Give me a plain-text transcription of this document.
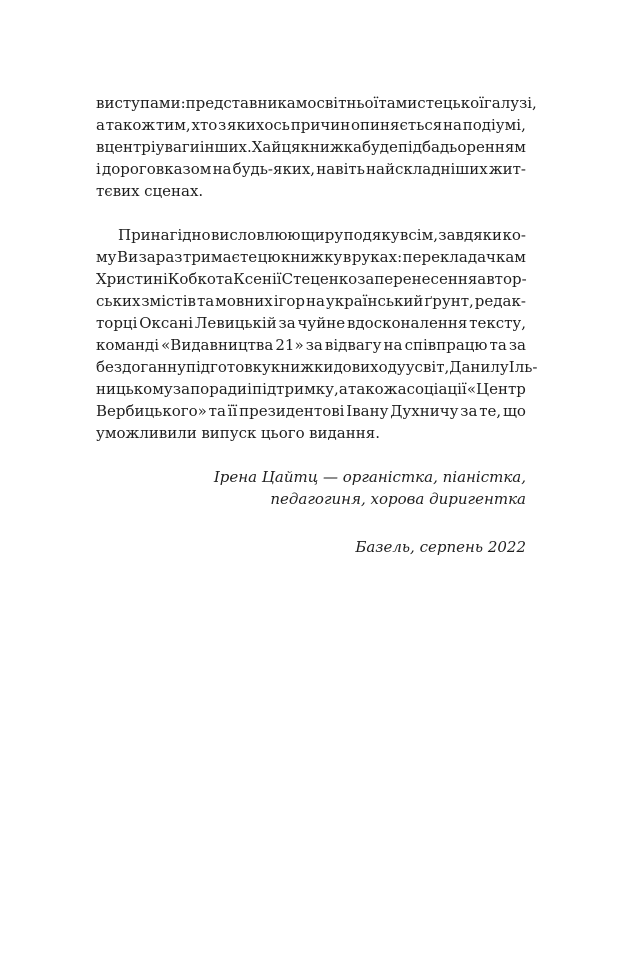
виступами: представникам освітньої та мистецької галузі,
а також тим, хто з якихось причин опиняється на подіумі,
в центрі уваги інших. Хай ця книжка буде підбадьоренням
і дороговказом на будь-яких, навіть найскладніших жит-
тєвих сценах.
Принагідно висловлюю щиру подяку всім, завдяки ко-
му Ви зараз тримаєте цю книжку в руках: перекладачкам
Христині Кобко та Ксенії Стеценко за перенесення автор-
ських змістів та мовних ігор на український ґрунт, редак-
торці Оксані Левицькій за чуйне вдосконалення тексту,
команді «Видавництва 21» за відвагу на співпрацю та за
бездоганну підготовку книжки до виходу у світ, Данилу Іль-
ницькому за поради і підтримку, а також асоціації «Центр
Вербицького» та її президентові Івану Духничу за те, що
уможливили випуск цього видання.
Ірена Цайтц — органістка, піаністка,
педагогиня, хорова диригентка
Базель, серпень 2022
